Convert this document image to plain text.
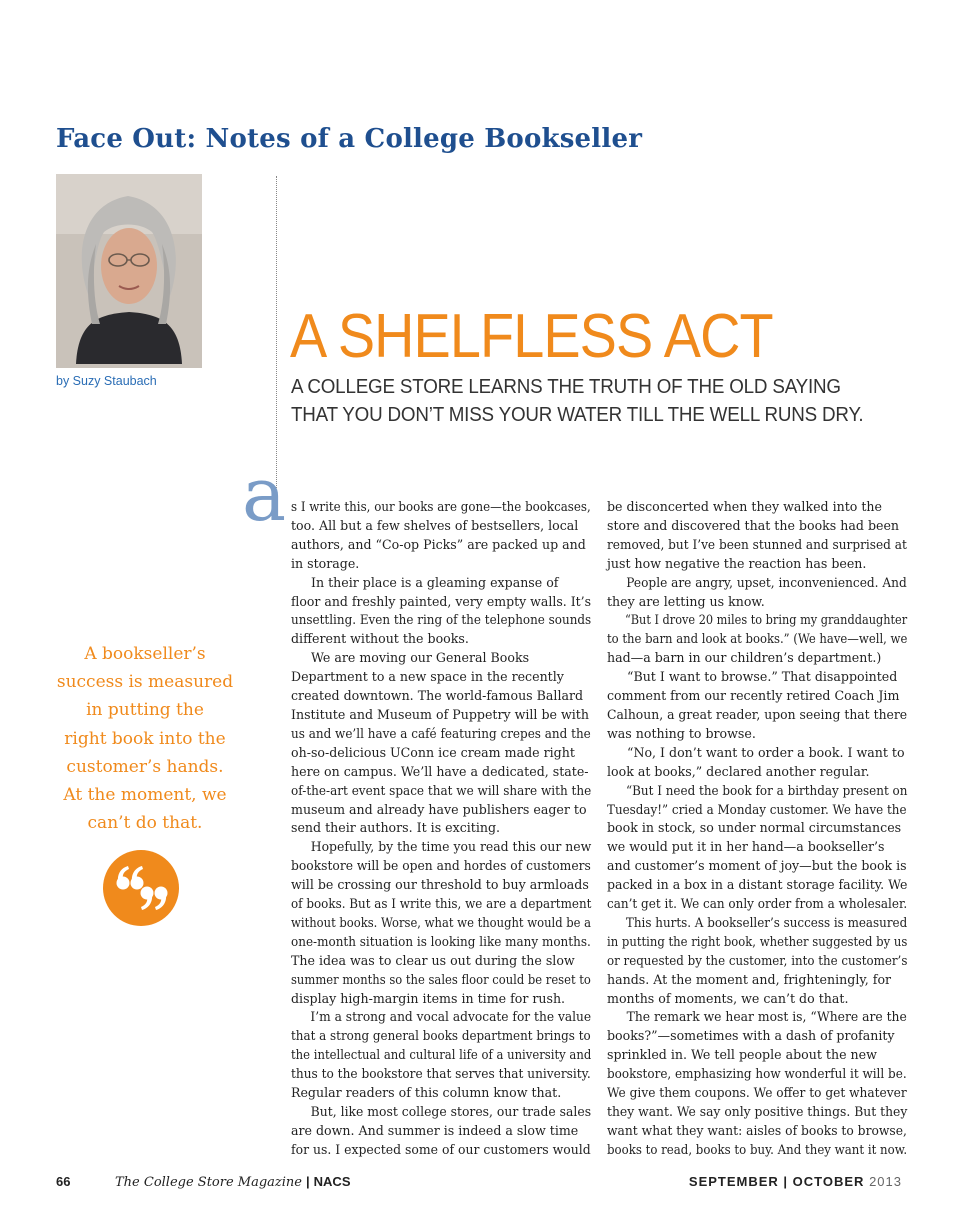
Face Out: Notes of a College Bookseller
by Suzy Staubach
A SHELFLESS ACT
A COLLEGE STORE LEARNS THE TRUTH OF THE OLD SAYING
THAT YOU DON’T MISS YOUR WATER TILL THE WELL RUNS DRY.
a s I write this, our books are gone—the bookcases,
too. All but a few shelves of bestsellers, local
authors, and “Co-op Picks” are packed up and
in storage.
In their place is a gleaming expanse of
floor and freshly painted, very empty walls. It’s
unsettling. Even the ring of the telephone sounds
different without the books.
We are moving our General Books
Department to a new space in the recently
created downtown. The world-famous Ballard
Institute and Museum of Puppetry will be with
us and we’ll have a café featuring crepes and the
oh-so-delicious UConn ice cream made right
here on campus. We’ll have a dedicated, state-
of-the-art event space that we will share with the
museum and already have publishers eager to
send their authors. It is exciting.
Hopefully, by the time you read this our new
bookstore will be open and hordes of customers
will be crossing our threshold to buy armloads
of books. But as I write this, we are a department
without books. Worse, what we thought would be a
one-month situation is looking like many months.
The idea was to clear us out during the slow
summer months so the sales floor could be reset to
display high-margin items in time for rush.
I’m a strong and vocal advocate for the value
that a strong general books department brings to
the intellectual and cultural life of a university and
thus to the bookstore that serves that university.
Regular readers of this column know that.
But, like most college stores, our trade sales
are down. And summer is indeed a slow time
for us. I expected some of our customers would
be disconcerted when they walked into the
store and discovered that the books had been
removed, but I’ve been stunned and surprised at
just how negative the reaction has been.
People are angry, upset, inconvenienced. And
they are letting us know.
“But I drove 20 miles to bring my granddaughter
to the barn and look at books.” (We have—well, we
had—a barn in our children’s department.)
“But I want to browse.” That disappointed
comment from our recently retired Coach Jim
Calhoun, a great reader, upon seeing that there
was nothing to browse.
“No, I don’t want to order a book. I want to
look at books,” declared another regular.
“But I need the book for a birthday present on
Tuesday!” cried a Monday customer. We have the
book in stock, so under normal circumstances
we would put it in her hand—a bookseller’s
and customer’s moment of joy—but the book is
packed in a box in a distant storage facility. We
can’t get it. We can only order from a wholesaler.
This hurts. A bookseller’s success is measured
in putting the right book, whether suggested by us
or requested by the customer, into the customer’s
hands. At the moment and, frighteningly, for
months of moments, we can’t do that.
The remark we hear most is, “Where are the
books?”—sometimes with a dash of profanity
sprinkled in. We tell people about the new
bookstore, emphasizing how wonderful it will be.
We give them coupons. We offer to get whatever
they want. We say only positive things. But they
want what they want: aisles of books to browse,
books to read, books to buy. And they want it now.
A bookseller’s
success is measured
in putting the
right book into the
customer’s hands.
At the moment, we
can’t do that.
66	The College Store Magazine | NACS	SEPTEMBER | OCTOBER 2013
